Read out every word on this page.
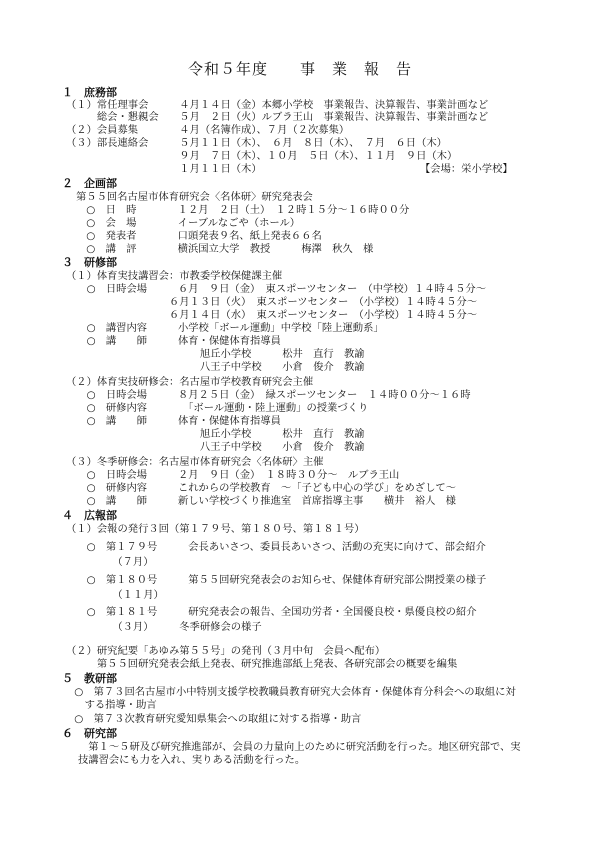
令和５年度　　事　業　報　告
１　 庶務部
（１）常任理事会　　　４月１４日（金）本郷小学校　事業報告、決算報告、事業計画など
　　　総会・懇親会　　５月　２日（火）ルブラ王山　事業報告、決算報告、事業計画など
（２）会員募集　　　　４月（名簿作成）、７月（２次募集）
（３）部長連絡会　　　５月１１日（木）、　６月　８日（木）、　７月　６日（木）
　　　　　　　　　　　９月　７日（木）、１０月　５日（木）、１１月　９日（木）
　　　　　　　　　　　１月１１日（木）	【会場：栄小学校】
２　 企画部
第５５回名古屋市体育研究会〈名体研〉研究発表会
　○　日　時　　　　１２月　２日（土）　１２時１５分～１６時００分
　○　会　場　　　　イーブルなごや（ホール）
　○　発表者　　　　口頭発表９名、紙上発表６６名
　○　講　評　　　　横浜国立大学　教授　　　梅澤　秋久　様
３　 研修部
（１）体育実技講習会：市教委学校保健課主催
　　○　日時会場　　　６月　９日（金）　東スポーツセンター　（中学校）１４時４５分～
　　　　　　　　　　６月１３日（火）　東スポーツセンター　（小学校）１４時４５分～
　　　　　　　　　　６月１４日（水）　東スポーツセンター　（小学校）１４時４５分～
　　○　講習内容　　　小学校「ボール運動」中学校「陸上運動系」
　　○　講　　師　　　体育・保健体育指導員
　　　　　　　　　　　　　旭丘小学校　　　松井　直行　教諭
　　　　　　　　　　　　　八王子中学校　　小倉　俊介　教諭
（２）体育実技研修会：名古屋市学校教育研究会主催
　　○　日時会場　　　８月２５日（金）　緑スポーツセンター　１４時００分～１６時
　　○　研修内容　　　　「ボール運動・陸上運動」の授業づくり
　　○　講　　師　　　体育・保健体育指導員
　　　　　　　　　　　　　旭丘小学校　　　松井　直行　教諭
　　　　　　　　　　　　　八王子中学校　　小倉　俊介　教諭
（３）冬季研修会：名古屋市体育研究会〈名体研〉主催
　　○　日時会場　　　２月　９日（金）　１８時３０分～　ルブラ王山
　　○　研修内容　　　これからの学校教育　～「子ども中心の学び」をめざして～
　　○　講　　師　　　新しい学校づくり推進室　首席指導主事　　横井　裕人　様
４　 広報部
（１）会報の発行３回（第１７９号、第１８０号、第１８１号）
　　○　第１７９号　　　会長あいさつ、委員長あいさつ、活動の充実に向けて、部会紹介
　　　　　（７月）
　　○　第１８０号　　　第５５回研究発表会のお知らせ、保健体育研究部公開授業の様子
　　　　　（１１月）
　　○　第１８１号　　　研究発表会の報告、全国功労者・全国優良校・県優良校の紹介
　　　　　（３月）　　　冬季研修会の様子
（２）研究紀要「あゆみ第５５号」の発刊（３月中旬　会員へ配布）
　　　第５５回研究発表会紙上発表、研究推進部紙上発表、各研究部会の概要を編集
５　 教研部
　○　第７３回名古屋市小中特別支援学校教職員教育研究大会体育・保健体育分科会への取組に対
　　する指導・助言
　○　第７３次教育研究愛知県集会への取組に対する指導・助言
６　 研究部
　第１～５研及び研究推進部が、会員の力量向上のために研究活動を行った。地区研究部で、実
技講習会にも力を入れ、実りある活動を行った。
